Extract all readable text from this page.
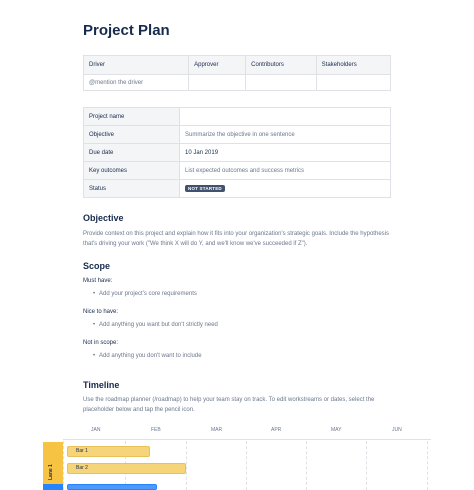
Project Plan
Driver	Approver	Contributors	Stakeholders
@mention the driver			
Project name	
Objective	Summarize the objective in one sentence
Due date	10 Jan 2019
Key outcomes	List expected outcomes and success metrics
Status	NOT STARTED
Objective
Provide context on this project and explain how it fits into your organization's strategic goals. Include the hypothesis that's driving your work ("We think X will do Y, and we'll know we've succeeded if Z").
Scope
Must have:
• Add your project's core requirements
Nice to have:
• Add anything you want but don't strictly need
Not in scope:
• Add anything you don't want to include
Timeline
Use the roadmap planner (/roadmap) to help your team stay on track. To edit workstreams or dates, select the placeholder below and tap the pencil icon.
JAN	FEB	MAR	APR	MAY	JUN
Lane 1
Bar 1
Bar 2
